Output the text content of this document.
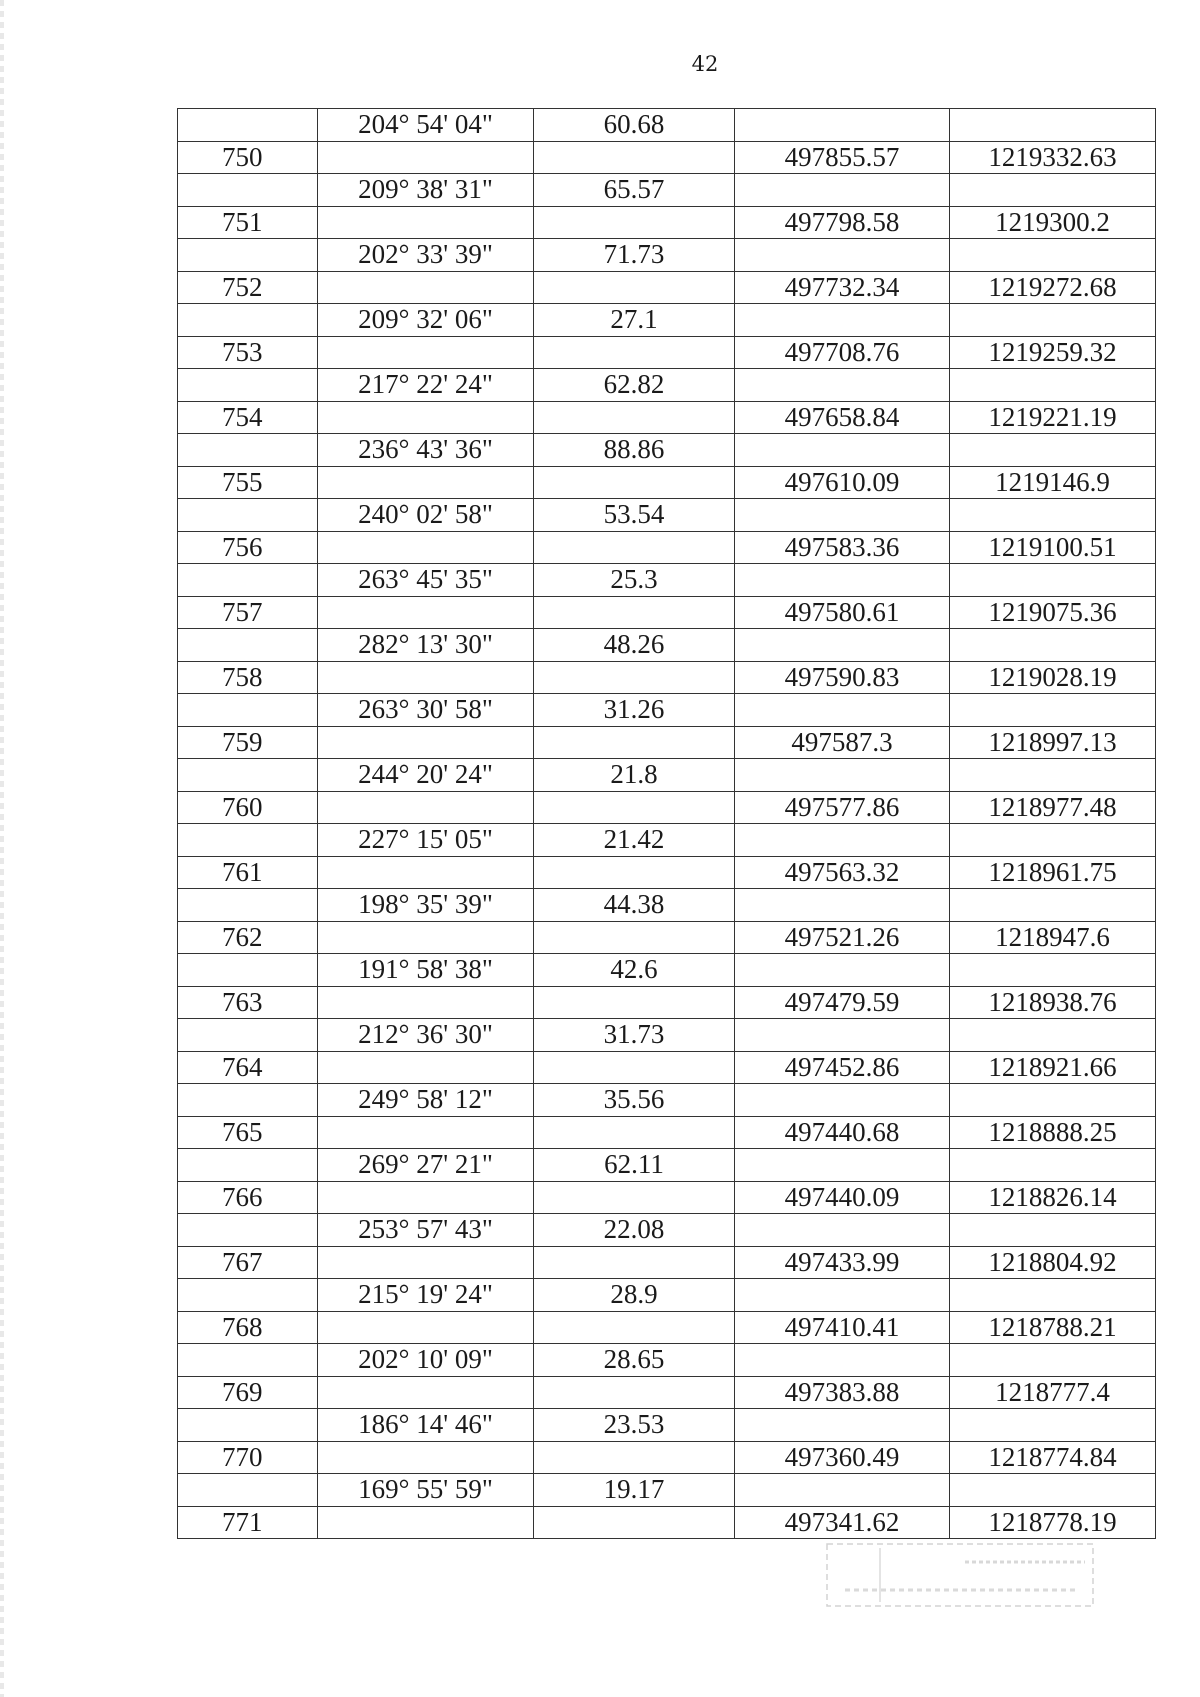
42
	204° 54' 04"	60.68		
750			497855.57	1219332.63
	209° 38' 31"	65.57		
751			497798.58	1219300.2
	202° 33' 39"	71.73		
752			497732.34	1219272.68
	209° 32' 06"	27.1		
753			497708.76	1219259.32
	217° 22' 24"	62.82		
754			497658.84	1219221.19
	236° 43' 36"	88.86		
755			497610.09	1219146.9
	240° 02' 58"	53.54		
756			497583.36	1219100.51
	263° 45' 35"	25.3		
757			497580.61	1219075.36
	282° 13' 30"	48.26		
758			497590.83	1219028.19
	263° 30' 58"	31.26		
759			497587.3	1218997.13
	244° 20' 24"	21.8		
760			497577.86	1218977.48
	227° 15' 05"	21.42		
761			497563.32	1218961.75
	198° 35' 39"	44.38		
762			497521.26	1218947.6
	191° 58' 38"	42.6		
763			497479.59	1218938.76
	212° 36' 30"	31.73		
764			497452.86	1218921.66
	249° 58' 12"	35.56		
765			497440.68	1218888.25
	269° 27' 21"	62.11		
766			497440.09	1218826.14
	253° 57' 43"	22.08		
767			497433.99	1218804.92
	215° 19' 24"	28.9		
768			497410.41	1218788.21
	202° 10' 09"	28.65		
769			497383.88	1218777.4
	186° 14' 46"	23.53		
770			497360.49	1218774.84
	169° 55' 59"	19.17		
771			497341.62	1218778.19
